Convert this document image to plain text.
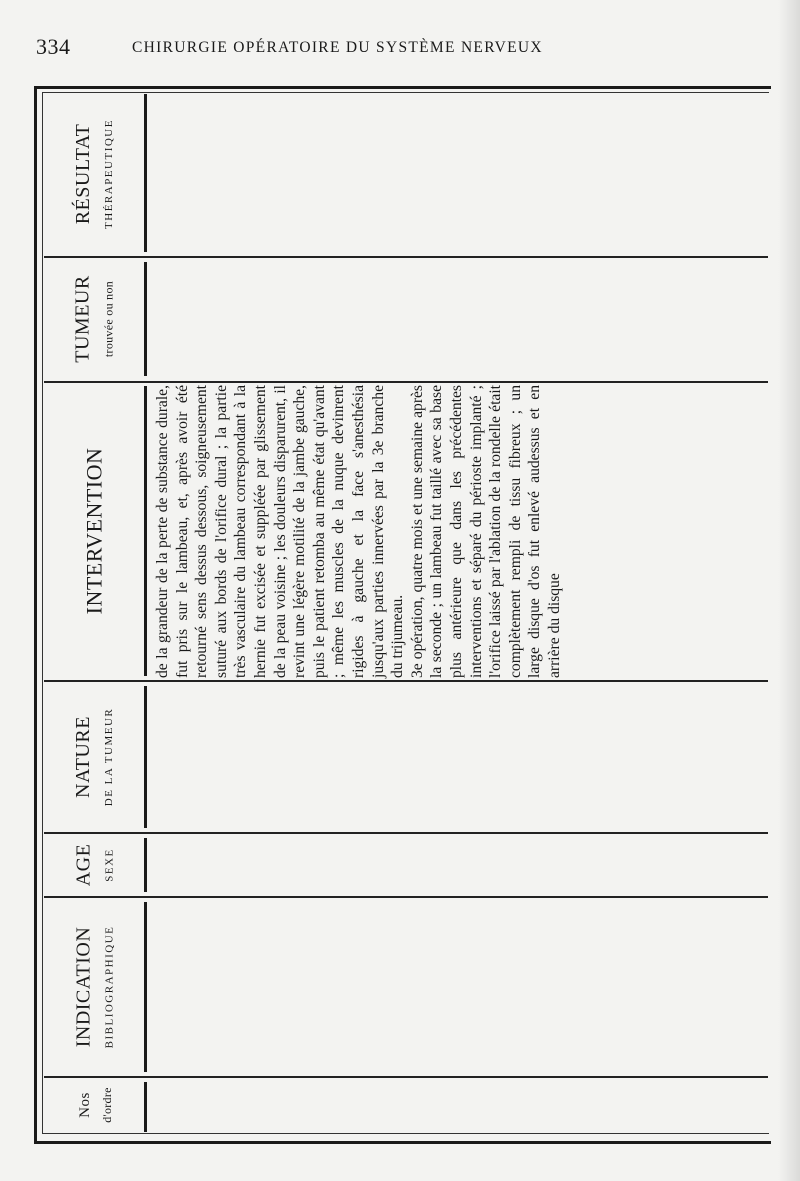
334	CHIRURGIE OPÉRATOIRE DU SYSTÈME NERVEUX
RÉSULTAT THÉRAPEUTIQUE
TUMEUR trouvée ou non
INTERVENTION
NATURE DE LA TUMEUR
AGE SEXE
INDICATION BIBLIOGRAPHIQUE
Nos d'ordre

de la grandeur de la perte de substance durale, fut pris sur le lambeau, et, après avoir été retourné sens dessus dessous, soigneusement suturé aux bords de l'orifice dural ; la partie très vasculaire du lambeau correspondant à la hernie fut excisée et suppléée par glissement de la peau voisine ; les douleurs disparurent, il revint une légère motilité de la jambe gauche, puis le patient retomba au même état qu'avant ; même les muscles de la nuque devinrent rigides à gauche et la face s'anesthésia jusqu'aux parties innervées par la 3e branche du trijumeau. 3e opération, quatre mois et une semaine après la seconde ; un lambeau fut taillé avec sa base plus antérieure que dans les précédentes interventions et séparé du périoste implanté ; l'orifice laissé par l'ablation de la rondelle était complètement rempli de tissu fibreux ; un large disque d'os fut enlevé audessus et en arrière du disque
